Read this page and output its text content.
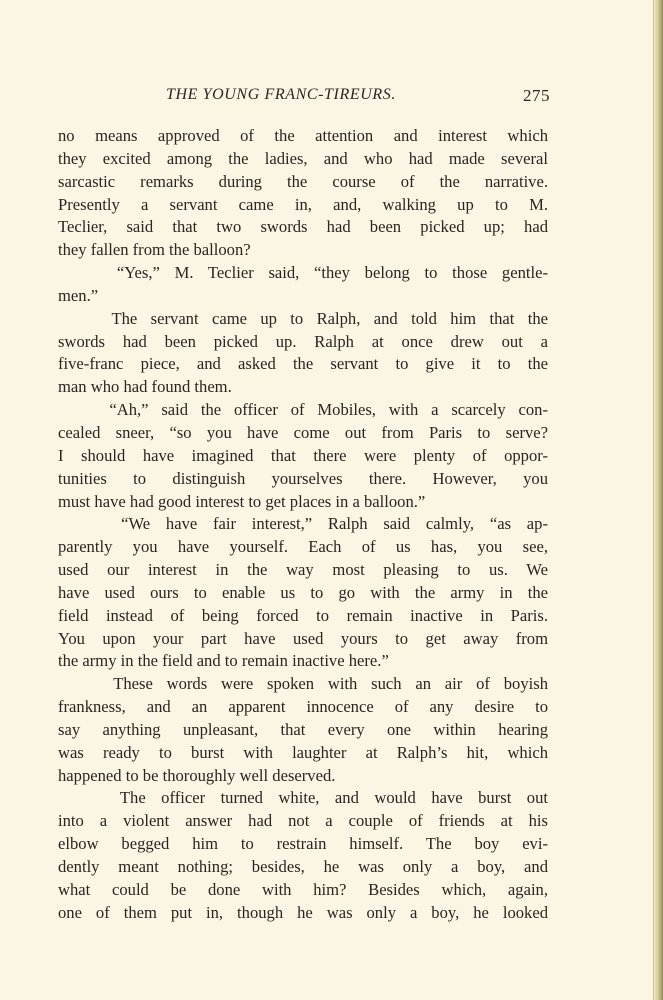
THE YOUNG FRANC-TIREURS.	275
no means approved of the attention and interest which
they excited among the ladies, and who had made several
sarcastic remarks during the course of the narrative.
Presently a servant came in, and, walking up to M.
Teclier, said that two swords had been picked up; had
they fallen from the balloon?
“Yes,” M. Teclier said, “they belong to those gentle-
men.”
The servant came up to Ralph, and told him that the
swords had been picked up. Ralph at once drew out a
five-franc piece, and asked the servant to give it to the
man who had found them.
“Ah,” said the officer of Mobiles, with a scarcely con-
cealed sneer, “so you have come out from Paris to serve?
I should have imagined that there were plenty of oppor-
tunities to distinguish yourselves there. However, you
must have had good interest to get places in a balloon.”
“We have fair interest,” Ralph said calmly, “as ap-
parently you have yourself. Each of us has, you see,
used our interest in the way most pleasing to us. We
have used ours to enable us to go with the army in the
field instead of being forced to remain inactive in Paris.
You upon your part have used yours to get away from
the army in the field and to remain inactive here.”
These words were spoken with such an air of boyish
frankness, and an apparent innocence of any desire to
say anything unpleasant, that every one within hearing
was ready to burst with laughter at Ralph’s hit, which
happened to be thoroughly well deserved.
The officer turned white, and would have burst out
into a violent answer had not a couple of friends at his
elbow begged him to restrain himself. The boy evi-
dently meant nothing; besides, he was only a boy, and
what could be done with him? Besides which, again,
one of them put in, though he was only a boy, he looked
